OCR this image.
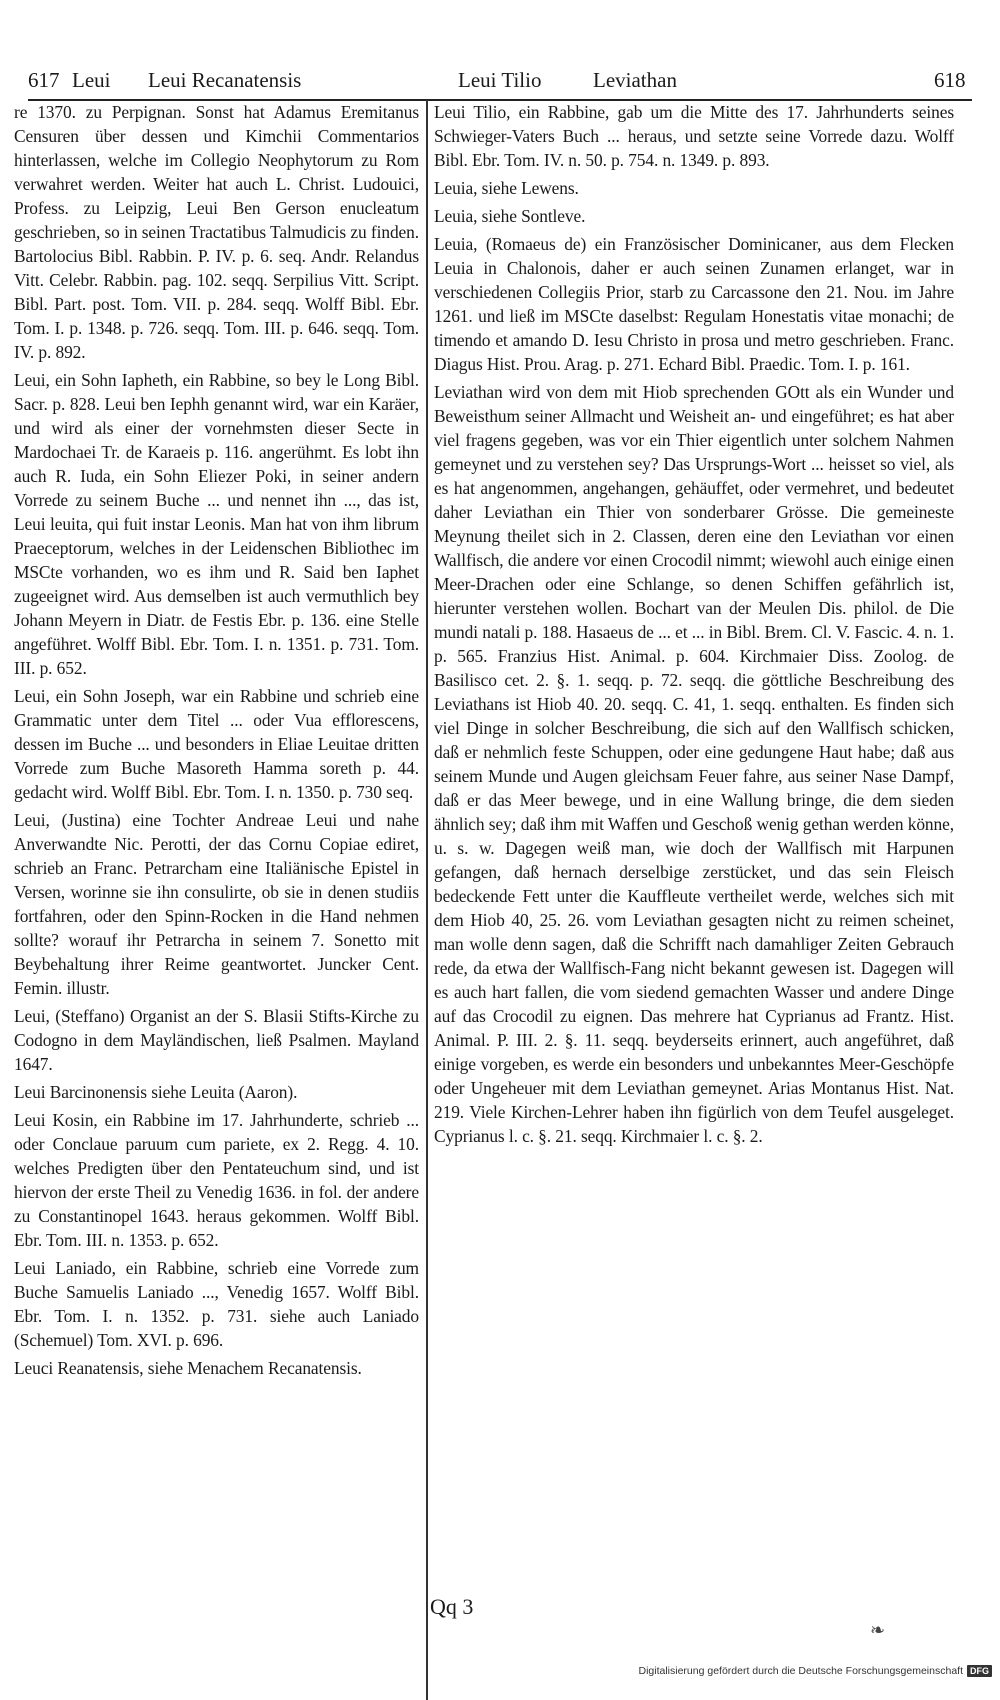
617 Leui Leui Recanatensis	Leui Tilio Leviathan	618

re 1370. zu Perpignan. Sonst hat Adamus Eremitanus Censuren über dessen und Kimchii Commentarios hinterlassen, welche im Collegio Neophytorum zu Rom verwahret werden. Weiter hat auch L. Christ. Ludouici, Profess. zu Leipzig, Leui Ben Gerson enucleatum geschrieben, so in seinen Tractatibus Talmudicis zu finden. Bartolocius Bibl. Rabbin. P. IV. p. 6. seq. Andr. Relandus Vitt. Celebr. Rabbin. pag. 102. seqq. Serpilius Vitt. Script. Bibl. Part. post. Tom. VII. p. 284. seqq. Wolff Bibl. Ebr. Tom. I. p. 1348. p. 726. seqq. Tom. III. p. 646. seqq. Tom. IV. p. 892.

Leui, ein Sohn Iapheth, ein Rabbine, so bey le Long Bibl. Sacr. p. 828. Leui ben Iephh genannt wird, war ein Karäer, und wird als einer der vornehmsten dieser Secte in Mardochaei Tr. de Karaeis p. 116. angerühmt. Es lobt ihn auch R. Iuda, ein Sohn Eliezer Poki, in seiner andern Vorrede zu seinem Buche ... und nennet ihn ..., das ist, Leui leuita, qui fuit instar Leonis. Man hat von ihm librum Praeceptorum, welches in der Leidenschen Bibliothec im MSCte vorhanden, wo es ihm und R. Said ben Iaphet zugeeignet wird. Aus demselben ist auch vermuthlich bey Johann Meyern in Diatr. de Festis Ebr. p. 136. eine Stelle angeführet. Wolff Bibl. Ebr. Tom. I. n. 1351. p. 731. Tom. III. p. 652.

Leui, ein Sohn Joseph, war ein Rabbine und schrieb eine Grammatic unter dem Titel ... oder Vua efflorescens, dessen im Buche ... und besonders in Eliae Leuitae dritten Vorrede zum Buche Masoreth Hamma soreth p. 44. gedacht wird. Wolff Bibl. Ebr. Tom. I. n. 1350. p. 730 seq.

Leui, (Justina) eine Tochter Andreae Leui und nahe Anverwandte Nic. Perotti, der das Cornu Copiae ediret, schrieb an Franc. Petrarcham eine Italiänische Epistel in Versen, worinne sie ihn consulirte, ob sie in denen studiis fortfahren, oder den Spinn-Rocken in die Hand nehmen sollte? worauf ihr Petrarcha in seinem 7. Sonetto mit Beybehaltung ihrer Reime geantwortet. Juncker Cent. Femin. illustr.

Leui, (Steffano) Organist an der S. Blasii Stifts-Kirche zu Codogno in dem Mayländischen, ließ Psalmen. Mayland 1647.

Leui Barcinonensis siehe Leuita (Aaron).

Leui Kosin, ein Rabbine im 17. Jahrhunderte, schrieb ... oder Conclaue paruum cum pariete, ex 2. Regg. 4. 10. welches Predigten über den Pentateuchum sind, und ist hiervon der erste Theil zu Venedig 1636. in fol. der andere zu Constantinopel 1643. heraus gekommen. Wolff Bibl. Ebr. Tom. III. n. 1353. p. 652.

Leui Laniado, ein Rabbine, schrieb eine Vorrede zum Buche Samuelis Laniado ..., Venedig 1657. Wolff Bibl. Ebr. Tom. I. n. 1352. p. 731. siehe auch Laniado (Schemuel) Tom. XVI. p. 696.

Leuci Reanatensis, siehe Menachem Recanatensis.

Leui Tilio, ein Rabbine, gab um die Mitte des 17. Jahrhunderts seines Schwieger-Vaters Buch ... heraus, und setzte seine Vorrede dazu. Wolff Bibl. Ebr. Tom. IV. n. 50. p. 754. n. 1349. p. 893.

Leuia, siehe Lewens.

Leuia, siehe Sontleve.

Leuia, (Romaeus de) ein Französischer Dominicaner, aus dem Flecken Leuia in Chalonois, daher er auch seinen Zunamen erlanget, war in verschiedenen Collegiis Prior, starb zu Carcassone den 21. Nou. im Jahre 1261. und ließ im MSCte daselbst: Regulam Honestatis vitae monachi; de timendo et amando D. Iesu Christo in prosa und metro geschrieben. Franc. Diagus Hist. Prou. Arag. p. 271. Echard Bibl. Praedic. Tom. I. p. 161.

Leviathan wird von dem mit Hiob sprechenden GOtt als ein Wunder und Beweisthum seiner Allmacht und Weisheit an- und eingeführet; es hat aber viel fragens gegeben, was vor ein Thier eigentlich unter solchem Nahmen gemeynet und zu verstehen sey? Das Ursprungs-Wort ... heisset so viel, als es hat angenommen, angehangen, gehäuffet, oder vermehret, und bedeutet daher Leviathan ein Thier von sonderbarer Grösse. Die gemeineste Meynung theilet sich in 2. Classen, deren eine den Leviathan vor einen Wallfisch, die andere vor einen Crocodil nimmt; wiewohl auch einige einen Meer-Drachen oder eine Schlange, so denen Schiffen gefährlich ist, hierunter verstehen wollen. Bochart van der Meulen Dis. philol. de Die mundi natali p. 188. Hasaeus de ... et ... in Bibl. Brem. Cl. V. Fascic. 4. n. 1. p. 565. Franzius Hist. Animal. p. 604. Kirchmaier Diss. Zoolog. de Basilisco cet. 2. §. 1. seqq. p. 72. seqq. die göttliche Beschreibung des Leviathans ist Hiob 40. 20. seqq. C. 41, 1. seqq. enthalten. Es finden sich viel Dinge in solcher Beschreibung, die sich auf den Wallfisch schicken, daß er nehmlich feste Schuppen, oder eine gedungene Haut habe; daß aus seinem Munde und Augen gleichsam Feuer fahre, aus seiner Nase Dampf, daß er das Meer bewege, und in eine Wallung bringe, die dem sieden ähnlich sey; daß ihm mit Waffen und Geschoß wenig gethan werden könne, u. s. w. Dagegen weiß man, wie doch der Wallfisch mit Harpunen gefangen, daß hernach derselbige zerstücket, und das sein Fleisch bedeckende Fett unter die Kauffleute vertheilet werde, welches sich mit dem Hiob 40, 25. 26. vom Leviathan gesagten nicht zu reimen scheinet, man wolle denn sagen, daß die Schrifft nach damahliger Zeiten Gebrauch rede, da etwa der Wallfisch-Fang nicht bekannt gewesen ist. Dagegen will es auch hart fallen, die vom siedend gemachten Wasser und andere Dinge auf das Crocodil zu eignen. Das mehrere hat Cyprianus ad Frantz. Hist. Animal. P. III. 2. §. 11. seqq. beyderseits erinnert, auch angeführet, daß einige vorgeben, es werde ein besonders und unbekanntes Meer-Geschöpfe oder Ungeheuer mit dem Leviathan gemeynet. Arias Montanus Hist. Nat. 219. Viele Kirchen-Lehrer haben ihn figürlich von dem Teufel ausgeleget. Cyprianus l. c. §. 21. seqq. Kirchmaier l. c. §. 2.

Qq 3
❧
Digitalisierung gefördert durch die Deutsche Forschungsgemeinschaft DFG
